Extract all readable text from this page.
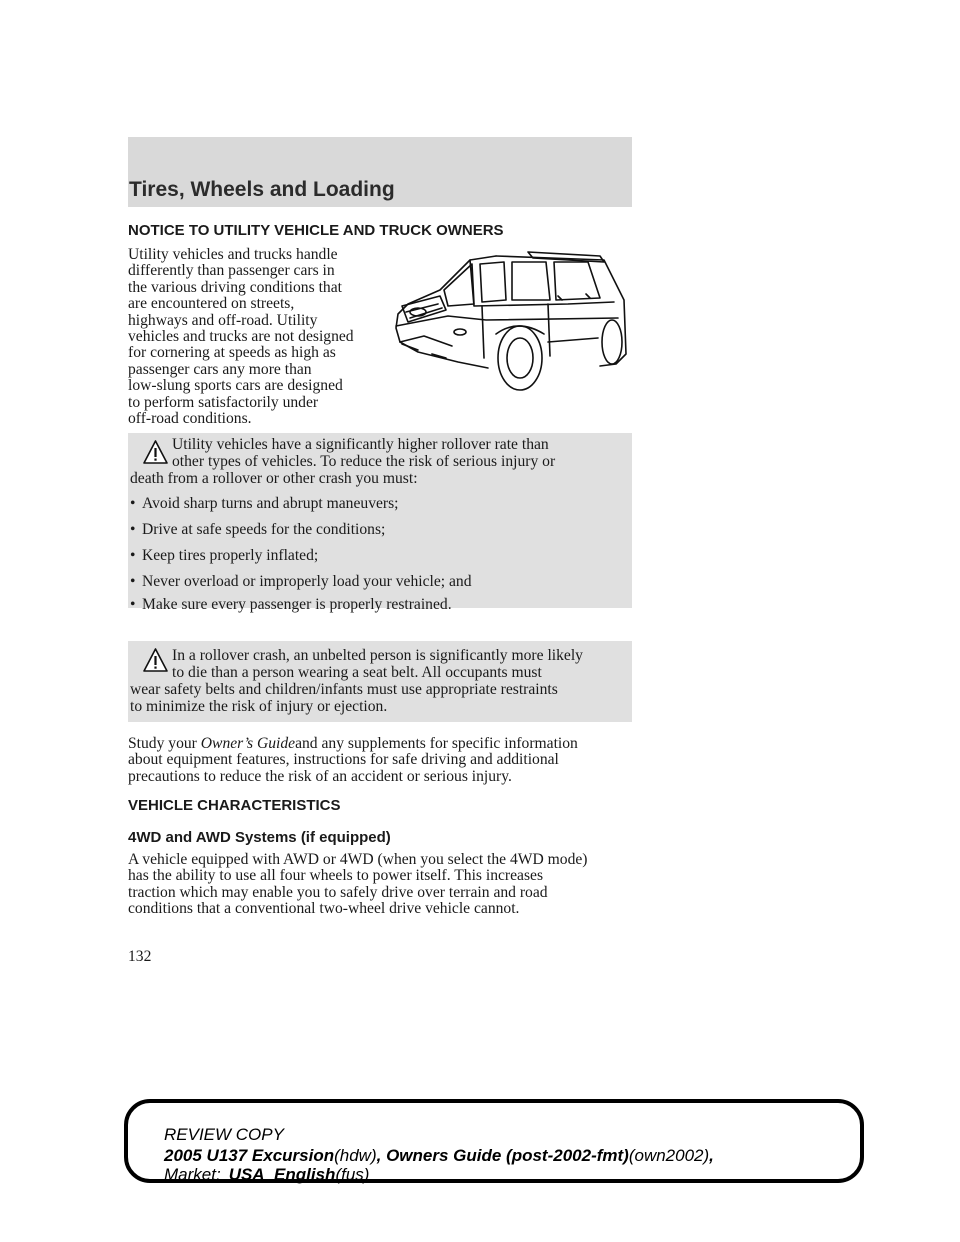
Tires, Wheels and Loading
NOTICE TO UTILITY VEHICLE AND TRUCK OWNERS
Utility vehicles and trucks handle
differently than passenger cars in
the various driving conditions that
are encountered on streets,
highways and off-road. Utility
vehicles and trucks are not designed
for cornering at speeds as high as
passenger cars any more than
low-slung sports cars are designed
to perform satisfactorily under
off-road conditions.
Utility vehicles have a significantly higher rollover rate than
other types of vehicles. To reduce the risk of serious injury or
death from a rollover or other crash you must:
• Avoid sharp turns and abrupt maneuvers;
• Drive at safe speeds for the conditions;
• Keep tires properly inflated;
• Never overload or improperly load your vehicle; and
• Make sure every passenger is properly restrained.
In a rollover crash, an unbelted person is significantly more likely
to die than a person wearing a seat belt. All occupants must
wear safety belts and children/infants must use appropriate restraints
to minimize the risk of injury or ejection.
Study your Owner’s Guideand any supplements for specific information
about equipment features, instructions for safe driving and additional
precautions to reduce the risk of an accident or serious injury.
VEHICLE CHARACTERISTICS
4WD and AWD Systems (if equipped)
A vehicle equipped with AWD or 4WD (when you select the 4WD mode)
has the ability to use all four wheels to power itself. This increases
traction which may enable you to safely drive over terrain and road
conditions that a conventional two-wheel drive vehicle cannot.
132
REVIEW COPY
2005 U137 Excursion(hdw), Owners Guide (post-2002-fmt)(own2002),
Market: USA_English(fus)
